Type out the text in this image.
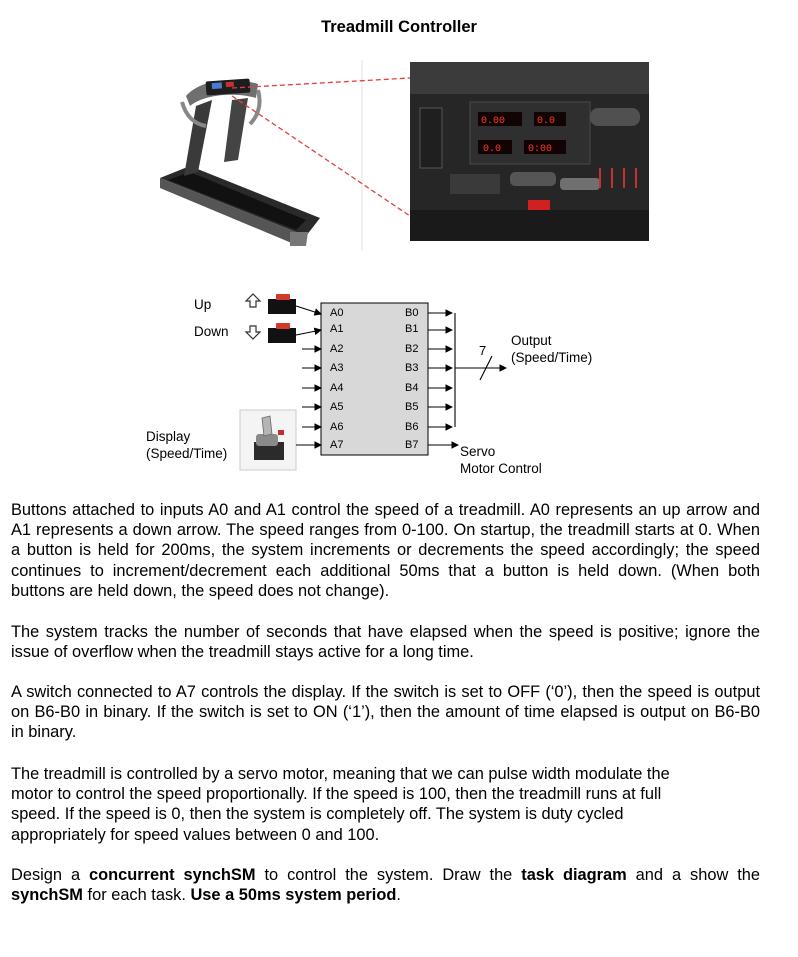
Treadmill Controller
0.00	0.0
0.0	0:00
Up
Down
Display
(Speed/Time)
A0
A1
A2
A3
A4
A5
A6
A7
B0
B1
B2
B3
B4
B5
B6
B7
7
Output
(Speed/Time)
Servo
Motor Control
Buttons attached to inputs A0 and A1 control the speed of a treadmill. A0 represents an up arrow and A1 represents a down arrow. The speed ranges from 0-100. On startup, the treadmill starts at 0. When a button is held for 200ms, the system increments or decrements the speed accordingly; the speed continues to increment/decrement each additional 50ms that a button is held down. (When both buttons are held down, the speed does not change).
The system tracks the number of seconds that have elapsed when the speed is positive; ignore the issue of overflow when the treadmill stays active for a long time.
A switch connected to A7 controls the display. If the switch is set to OFF (‘0’), then the speed is output on B6-B0 in binary. If the switch is set to ON (‘1’), then the amount of time elapsed is output on B6-B0 in binary.
The treadmill is controlled by a servo motor, meaning that we can pulse width modulate the
motor to control the speed proportionally. If the speed is 100, then the treadmill runs at full
speed. If the speed is 0, then the system is completely off. The system is duty cycled
appropriately for speed values between 0 and 100.
Design a concurrent synchSM to control the system. Draw the task diagram and a show the synchSM for each task. Use a 50ms system period.
